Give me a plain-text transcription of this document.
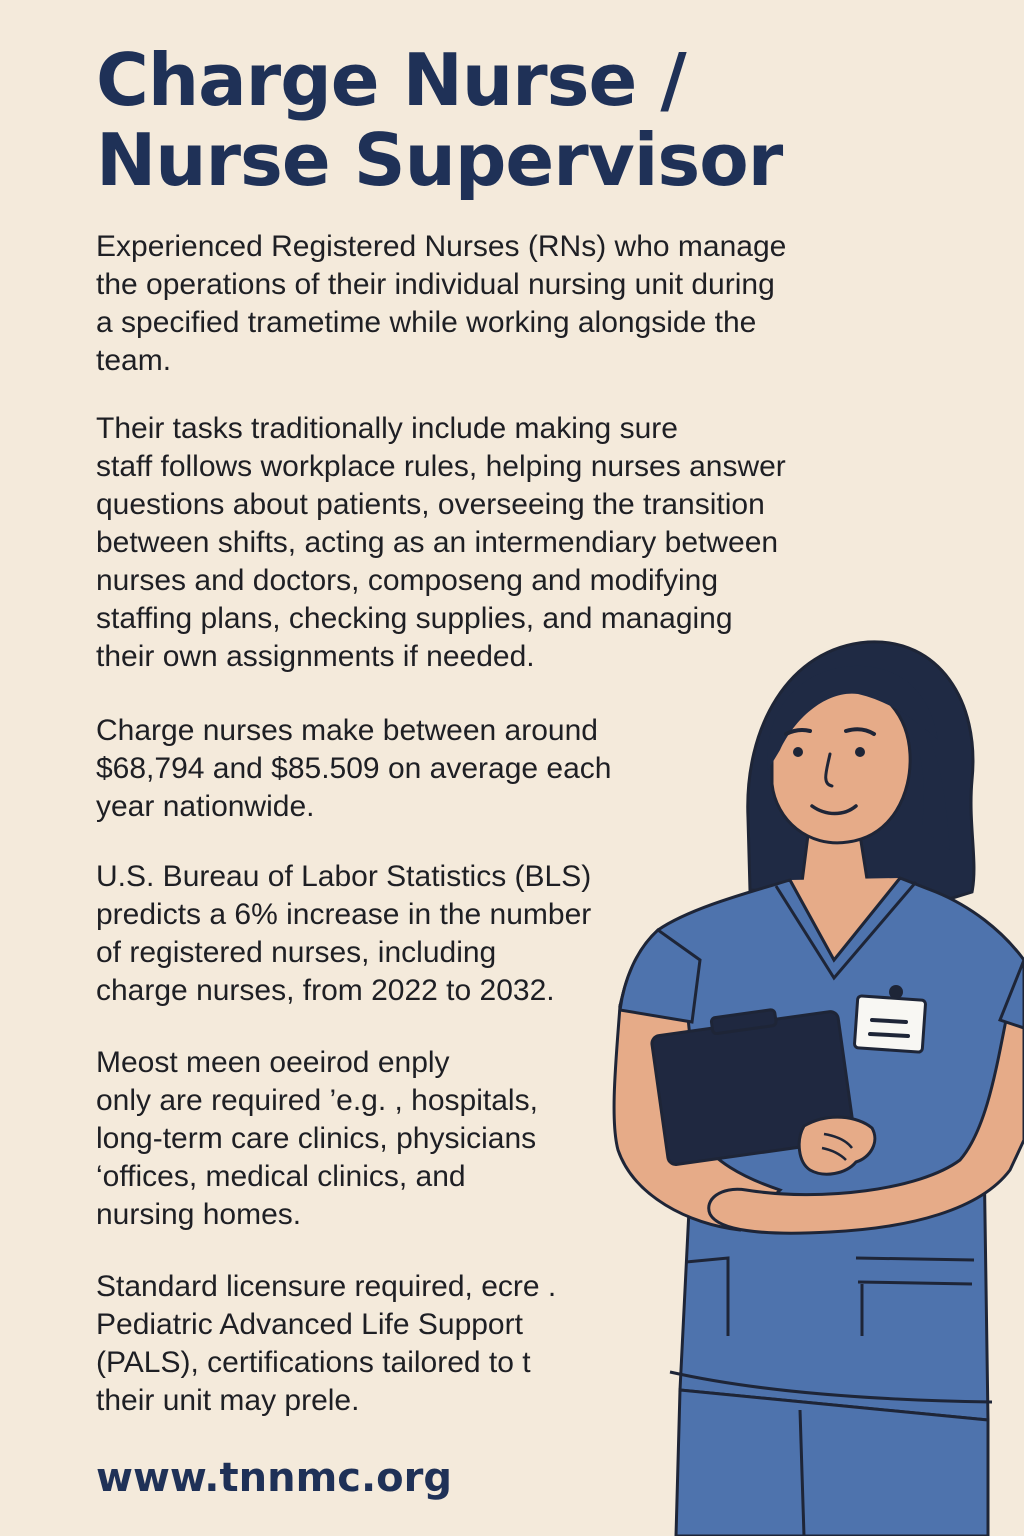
Charge Nurse /
Nurse Supervisor
Experienced Registered Nurses (RNs) who manage
the operations of their individual nursing unit during
a specified trametime while working alongside the
team.
Their tasks traditionally include making sure
staff follows workplace rules, helping nurses answer
questions about patients, overseeing the transition
between shifts, acting as an intermendiary between
nurses and doctors, composeng and modifying
staffing plans, checking supplies, and managing
their own assignments if needed.
Charge nurses make between around
$68,794 and $85.509 on average each
year nationwide.
U.S. Bureau of Labor Statistics (BLS)
predicts a 6% increase in the number
of registered nurses, including
charge nurses, from 2022 to 2032.
Meost meen oeeirod enply
only are required ’e.g. , hospitals,
long-term care clinics, physicians
‘offices, medical clinics, and
nursing homes.
Standard licensure required, ecre .
Pediatric Advanced Life Support
(PALS), certifications tailored to t
their unit may prele.
www.tnnmc.org
